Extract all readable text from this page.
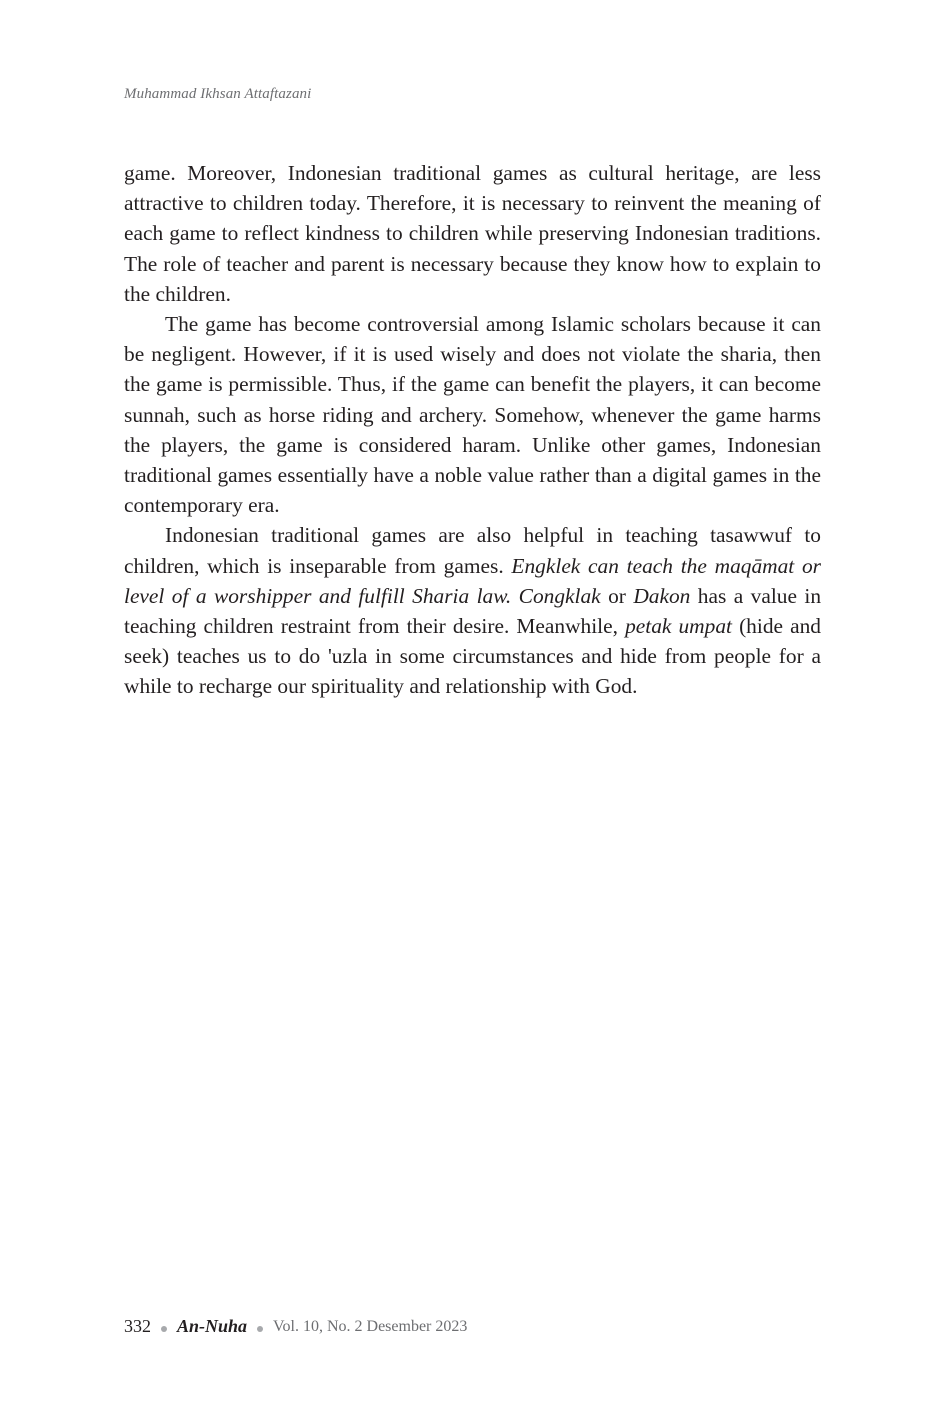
Muhammad Ikhsan Attaftazani

game. Moreover, Indonesian traditional games as cultural heritage, are less attractive to children today. Therefore, it is necessary to reinvent the meaning of each game to reflect kindness to children while preserving Indonesian traditions. The role of teacher and parent is necessary because they know how to explain to the children.

The game has become controversial among Islamic scholars because it can be negligent. However, if it is used wisely and does not violate the sharia, then the game is permissible. Thus, if the game can benefit the players, it can become sunnah, such as horse riding and archery. Somehow, whenever the game harms the players, the game is considered haram. Unlike other games, Indonesian traditional games essentially have a noble value rather than a digital games in the contemporary era.

Indonesian traditional games are also helpful in teaching tasawwuf to children, which is inseparable from games. Engklek can teach the maqāmat or level of a worshipper and fulfill Sharia law. Congklak or Dakon has a value in teaching children restraint from their desire. Meanwhile, petak umpat (hide and seek) teaches us to do 'uzla in some circumstances and hide from people for a while to recharge our spirituality and relationship with God.

332 An-Nuha Vol. 10, No. 2 Desember 2023
